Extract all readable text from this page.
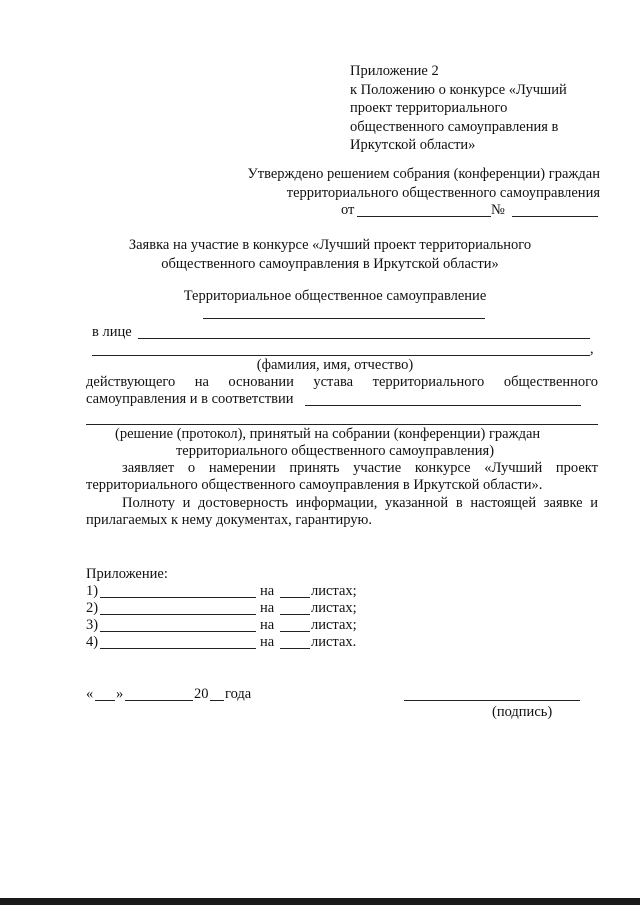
Приложение 2
к Положению о конкурсе «Лучший
проект территориального
общественного самоуправления в
Иркутской области»
Утверждено решением собрания (конференции) граждан
территориального общественного самоуправления
от	№
Заявка на участие в конкурсе «Лучший проект территориального
общественного самоуправления в Иркутской области»
Территориальное общественное самоуправление
в лице
,
(фамилия, имя, отчество)
действующего на основании устава территориального общественного
самоуправления и в соответствии
(решение (протокол), принятый на собрании (конференции) граждан
территориального общественного самоуправления)
заявляет о намерении принять участие конкурсе «Лучший проект
территориального общественного самоуправления в Иркутской области».
Полноту и достоверность информации, указанной в настоящей заявке и
прилагаемых к нему документах, гарантирую.
Приложение:
1)	на	листах;
2)	на	листах;
3)	на	листах;
4)	на	листах.
« »	20 года
(подпись)
